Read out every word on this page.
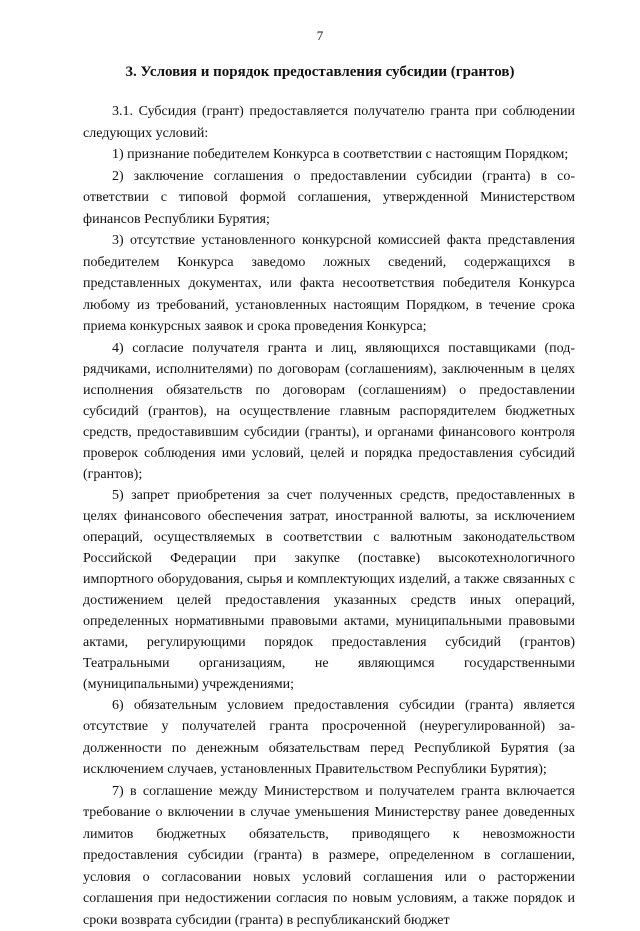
7
3. Условия и порядок предоставления субсидии (грантов)

3.1. Субсидия (грант) предоставляется получателю гранта при соблюдении следующих условий:

1) признание победителем Конкурса в соответствии с настоящим Порядком;

2) заключение соглашения о предоставлении субсидии (гранта) в соответствии с типовой формой соглашения, утвержденной Министерством финансов Республики Бурятия;

3) отсутствие установленного конкурсной комиссией факта представления победителем Конкурса заведомо ложных сведений, содержащихся в представленных документах, или факта несоответствия победителя Конкурса любому из требований, установленных настоящим Порядком, в течение срока приема конкурсных заявок и срока проведения Конкурса;

4) согласие получателя гранта и лиц, являющихся поставщиками (подрядчиками, исполнителями) по договорам (соглашениям), заключенным в целях исполнения обязательств по договорам (соглашениям) о предоставлении субсидий (грантов), на осуществление главным распорядителем бюджетных средств, предоставившим субсидии (гранты), и органами финансового контроля проверок соблюдения ими условий, целей и порядка предоставления субсидий (грантов);

5) запрет приобретения за счет полученных средств, предоставленных в целях финансового обеспечения затрат, иностранной валюты, за исключением операций, осуществляемых в соответствии с валютным законодательством Российской Федерации при закупке (поставке) высокотехнологичного импортного оборудования, сырья и комплектующих изделий, а также связанных с достижением целей предоставления указанных средств иных операций, определенных нормативными правовыми актами, муниципальными правовыми актами, регулирующими порядок предоставления субсидий (грантов) Театральными организациям, не являющимся государственными (муниципальными) учреждениями;

6) обязательным условием предоставления субсидии (гранта) является отсутствие у получателей гранта просроченной (неурегулированной) задолженности по денежным обязательствам перед Республикой Бурятия (за исключением случаев, установленных Правительством Республики Бурятия);

7) в соглашение между Министерством и получателем гранта включается требование о включении в случае уменьшения Министерству ранее доведенных лимитов бюджетных обязательств, приводящего к невозможности предоставления субсидии (гранта) в размере, определенном в соглашении, условия о согласовании новых условий соглашения или о расторжении соглашения при недостижении согласия по новым условиям, а также порядок и сроки возврата субсидии (гранта) в республиканский бюджет
